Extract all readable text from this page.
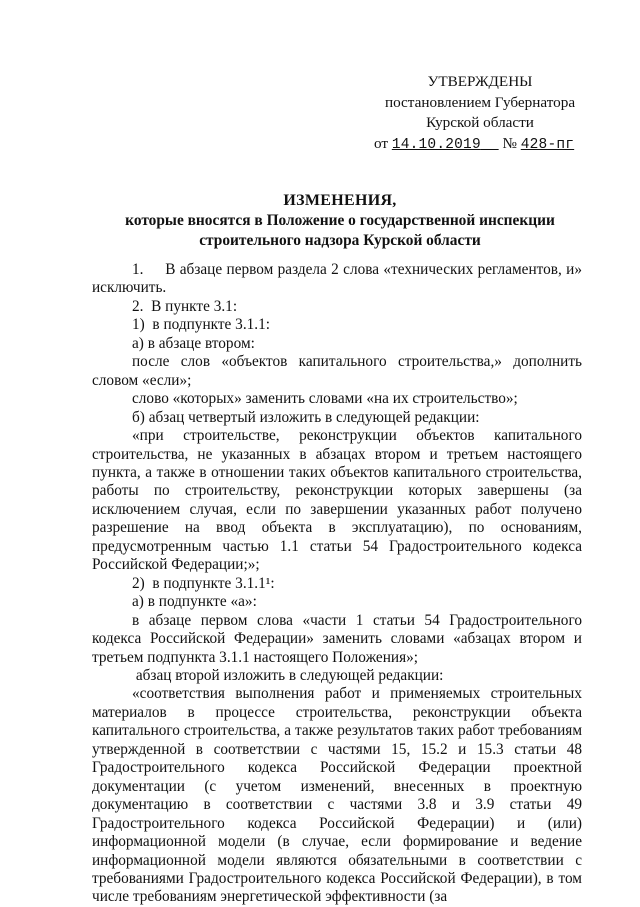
УТВЕРЖДЕНЫ
постановлением Губернатора
Курской области
от 14.10.2019 № 428-пг
ИЗМЕНЕНИЯ,
которые вносятся в Положение о государственной инспекции
строительного надзора Курской области

1.     В абзаце первом раздела 2 слова «технических регламентов, и» исключить.

2.  В пункте 3.1:

1)  в подпункте 3.1.1:

а) в абзаце втором:

после слов «объектов капитального строительства,» дополнить словом «если»;

слово «которых» заменить словами «на их строительство»;

б) абзац четвертый изложить в следующей редакции:

«при строительстве, реконструкции объектов капитального строительства, не указанных в абзацах втором и третьем настоящего пункта, а также в отношении таких объектов капитального строительства, работы по строительству, реконструкции которых завершены (за исключением случая, если по завершении указанных работ получено разрешение на ввод объекта в эксплуатацию), по основаниям, предусмотренным частью 1.1 статьи 54 Градостроительного кодекса Российской Федерации;»;

2)  в подпункте 3.1.1¹:

а) в подпункте «а»:

в абзаце первом слова «части 1 статьи 54 Градостроительного кодекса Российской Федерации» заменить словами «абзацах втором и третьем подпункта 3.1.1 настоящего Положения»;

абзац второй изложить в следующей редакции:

«соответствия выполнения работ и применяемых строительных материалов в процессе строительства, реконструкции объекта капитального строительства, а также результатов таких работ требованиям утвержденной в соответствии с частями 15, 15.2 и 15.3 статьи 48 Градостроительного кодекса Российской Федерации проектной документации (с учетом изменений, внесенных в проектную документацию в соответствии с частями 3.8 и 3.9 статьи 49 Градостроительного кодекса Российской Федерации) и (или) информационной модели (в случае, если формирование и ведение информационной модели являются обязательными в соответствии с требованиями Градостроительного кодекса Российской Федерации), в том числе требованиям энергетической эффективности (за
